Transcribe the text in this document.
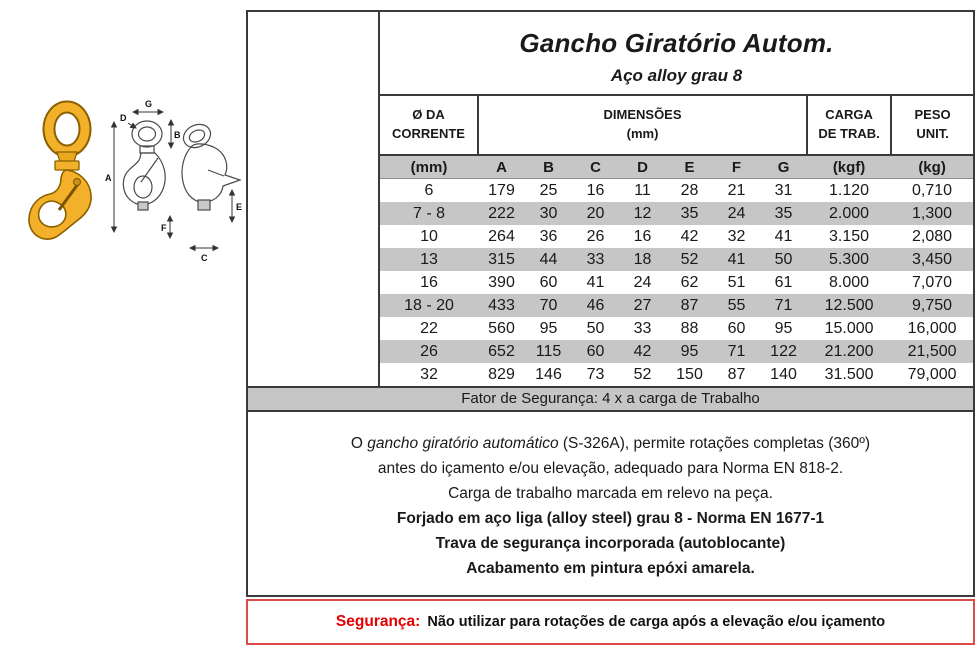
G
D
B
A
E
F
C
Gancho Giratório Autom.
Aço alloy grau 8
Ø DA
CORRENTE

DIMENSÕES
(mm)

CARGA
DE TRAB.

PESO
UNIT.

(mm)	A	B	C	D	E	F	G	(kgf)	(kg)
6	179	25	16	11	28	21	31	1.120	0,710
7 - 8	222	30	20	12	35	24	35	2.000	1,300
10	264	36	26	16	42	32	41	3.150	2,080
13	315	44	33	18	52	41	50	5.300	3,450
16	390	60	41	24	62	51	61	8.000	7,070
18 - 20	433	70	46	27	87	55	71	12.500	9,750
22	560	95	50	33	88	60	95	15.000	16,000
26	652	115	60	42	95	71	122	21.200	21,500
32	829	146	73	52	150	87	140	31.500	79,000
Fator de Segurança: 4 x a carga de Trabalho

O gancho giratório automático (S-326A), permite rotações completas (360º)

antes do içamento e/ou elevação, adequado para Norma EN 818-2.

Carga de trabalho marcada em relevo na peça.

Forjado em aço liga (alloy steel) grau 8 - Norma EN 1677-1

Trava de segurança incorporada (autoblocante)

Acabamento em pintura epóxi amarela.

Segurança: Não utilizar para rotações de carga após a elevação e/ou içamento
